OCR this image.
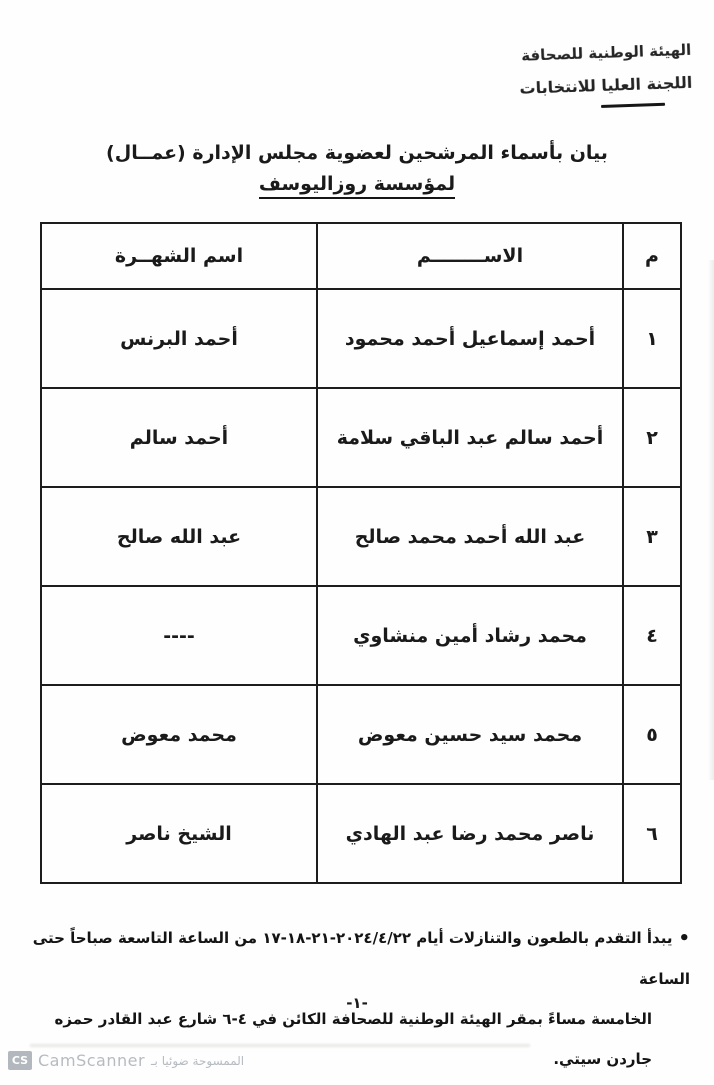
الهيئة الوطنية للصحافة
اللجنة العليا للانتخابات
بيان بأسماء المرشحين لعضوية مجلس الإدارة (عمــال)
لمؤسسة روزاليوسف
م	الاســــــــم	اسم الشهــرة
١	أحمد إسماعيل أحمد محمود	أحمد البرنس
٢	أحمد سالم عبد الباقي سلامة	أحمد سالم
٣	عبد الله أحمد محمد صالح	عبد الله صالح
٤	محمد رشاد أمين منشاوي	----
٥	محمد سيد حسين معوض	محمد معوض
٦	ناصر محمد رضا عبد الهادي	الشيخ ناصر
•يبدأ التقدم بالطعون والتنازلات أيام ٢٠٢٤/٤/٢٢-٢١-١٨-١٧ من الساعة التاسعة صباحاً حتى الساعة
الخامسة مساءً بمقر الهيئة الوطنية للصحافة الكائن في ٤-٦ شارع عبد القادر حمزه جاردن سيتي.
-١-
CS CamScanner الممسوحة ضوئيا بـ
